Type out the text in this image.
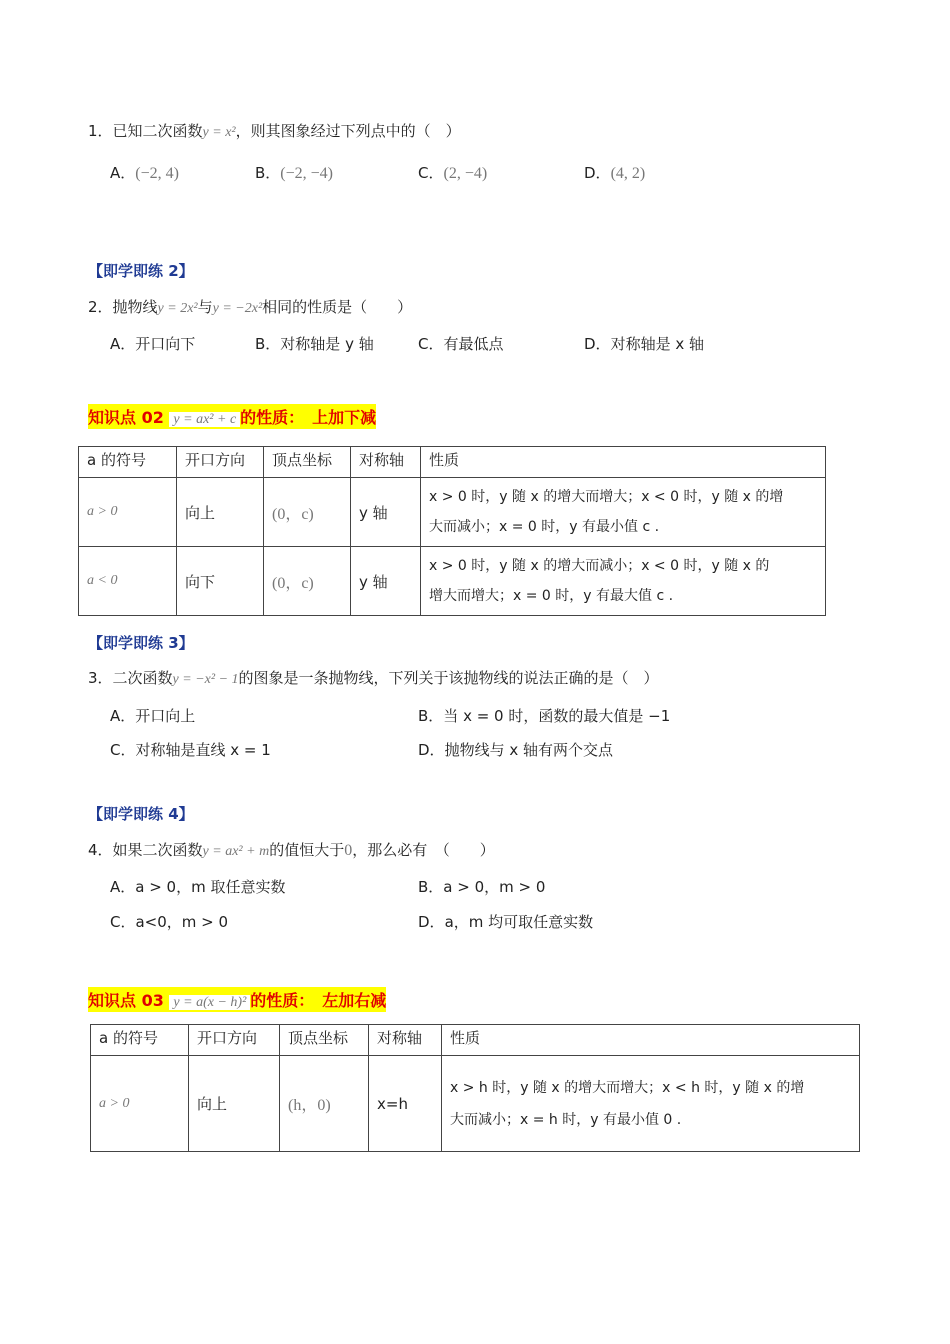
1．已知二次函数y = x²，则其图象经过下列点中的（　）
A．(−2, 4)	B．(−2, −4)	C．(2, −4)	D．(4, 2)
【即学即练 2】
2．抛物线y = 2x²与y = −2x²相同的性质是（　　）
A．开口向下	B．对称轴是 y 轴	C．有最低点	D．对称轴是 x 轴
知识点 02 y = ax² + c 的性质：　上加下减
a 的符号	开口方向	顶点坐标	对称轴	性质
a > 0	向上	(0，c)	y 轴	x > 0 时，y 随 x 的增大而增大；x < 0 时，y 随 x 的增
大而减小；x = 0 时，y 有最小值 c .

a < 0	向下	(0，c)	y 轴	x > 0 时，y 随 x 的增大而减小；x < 0 时，y 随 x 的
增大而增大；x = 0 时，y 有最大值 c .
【即学即练 3】
3．二次函数y = −x² − 1的图象是一条抛物线，下列关于该抛物线的说法正确的是（　）
A．开口向上	B．当 x = 0 时，函数的最大值是 −1
C．对称轴是直线 x = 1	D．抛物线与 x 轴有两个交点
【即学即练 4】
4．如果二次函数y = ax² + m的值恒大于0，那么必有　（　　）
A．a > 0，m 取任意实数	B．a > 0，m > 0
C．a<0，m > 0	D．a，m 均可取任意实数
知识点 03 y = a(x − h)² 的性质：　左加右减
a 的符号	开口方向	顶点坐标	对称轴	性质
a > 0	向上	(h，0)	x=h	x > h 时，y 随 x 的增大而增大；x < h 时，y 随 x 的增
大而减小；x = h 时，y 有最小值 0 .
